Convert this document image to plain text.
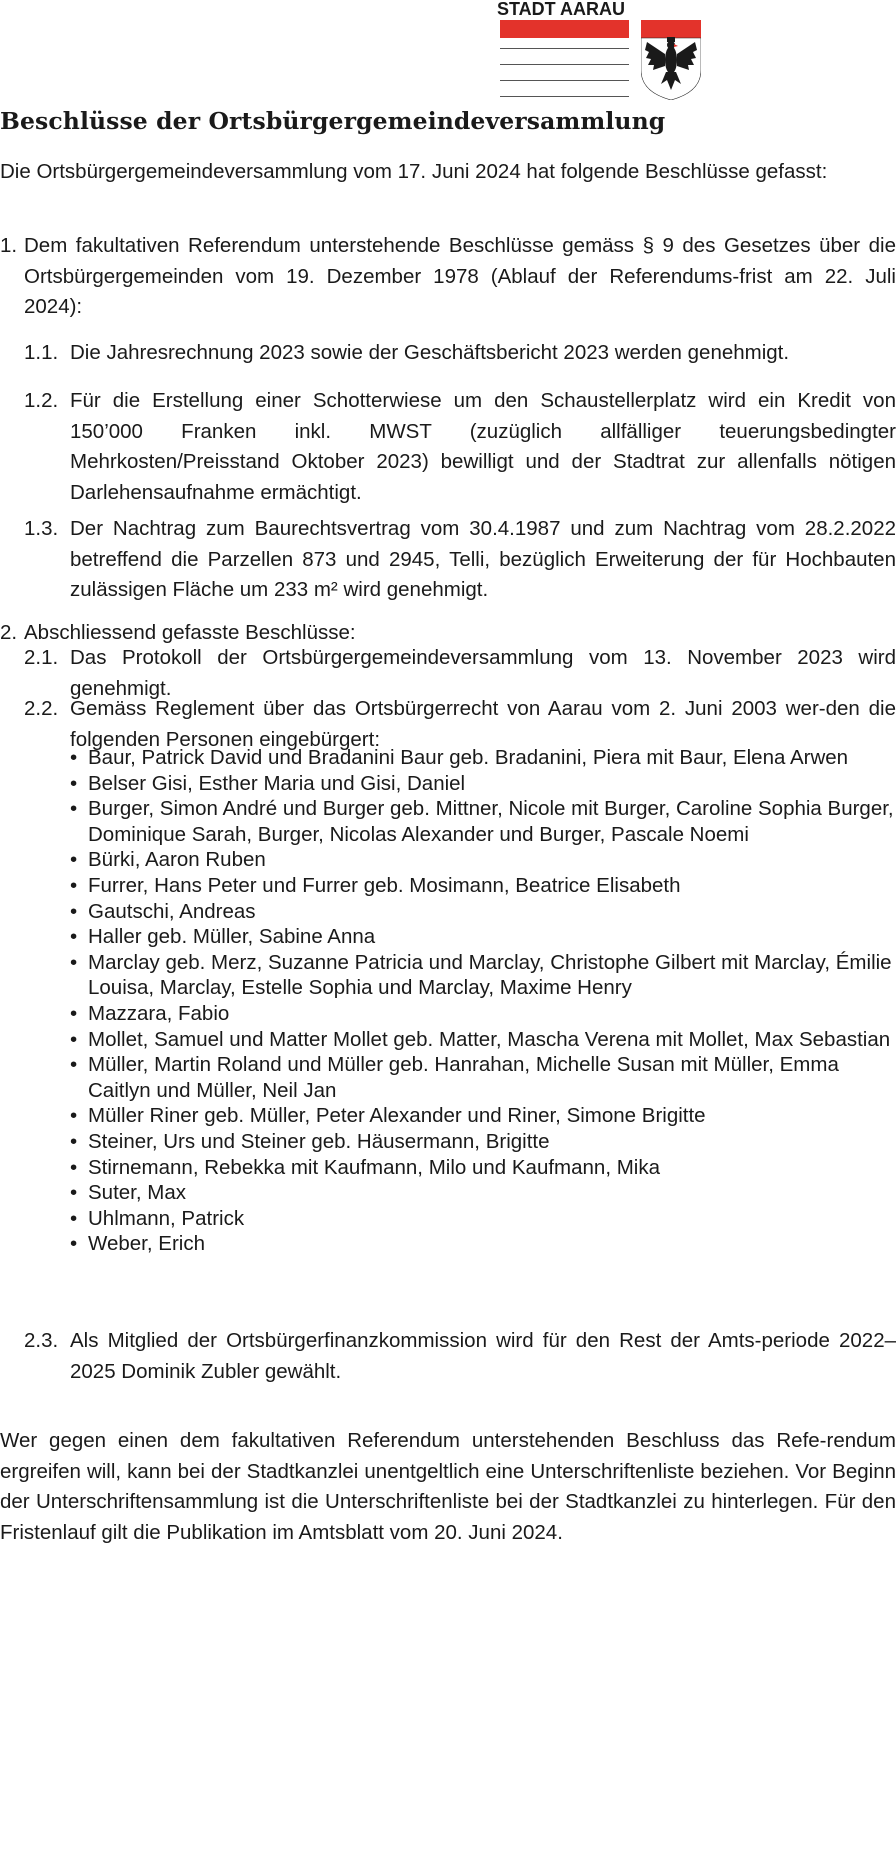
STADT AARAU
Beschlüsse der Ortsbürgergemeindeversammlung

Die Ortsbürgergemeindeversammlung vom 17. Juni 2024 hat folgende Beschlüsse gefasst:

1. Dem fakultativen Referendum unterstehende Beschlüsse gemäss § 9 des Gesetzes über die Ortsbürgergemeinden vom 19. Dezember 1978 (Ablauf der Referendums-frist am 22. Juli 2024):

1.1. Die Jahresrechnung 2023 sowie der Geschäftsbericht 2023 werden genehmigt.

1.2. Für die Erstellung einer Schotterwiese um den Schaustellerplatz wird ein Kredit von 150’000 Franken inkl. MWST (zuzüglich allfälliger teuerungsbedingter Mehrkosten/Preisstand Oktober 2023) bewilligt und der Stadtrat zur allenfalls nötigen Darlehensaufnahme ermächtigt.

1.3. Der Nachtrag zum Baurechtsvertrag vom 30.4.1987 und zum Nachtrag vom 28.2.2022 betreffend die Parzellen 873 und 2945, Telli, bezüglich Erweiterung der für Hochbauten zulässigen Fläche um 233 m² wird genehmigt.

2. Abschliessend gefasste Beschlüsse:

2.1. Das Protokoll der Ortsbürgergemeindeversammlung vom 13. November 2023 wird genehmigt.

2.2. Gemäss Reglement über das Ortsbürgerrecht von Aarau vom 2. Juni 2003 wer-den die folgenden Personen eingebürgert:

• Baur, Patrick David und Bradanini Baur geb. Bradanini, Piera mit Baur, Elena Arwen
• Belser Gisi, Esther Maria und Gisi, Daniel
• Burger, Simon André und Burger geb. Mittner, Nicole mit Burger, Caroline Sophia Burger, Dominique Sarah, Burger, Nicolas Alexander und Burger, Pascale Noemi
• Bürki, Aaron Ruben
• Furrer, Hans Peter und Furrer geb. Mosimann, Beatrice Elisabeth
• Gautschi, Andreas
• Haller geb. Müller, Sabine Anna
• Marclay geb. Merz, Suzanne Patricia und Marclay, Christophe Gilbert mit Marclay, Émilie Louisa, Marclay, Estelle Sophia und Marclay, Maxime Henry
• Mazzara, Fabio
• Mollet, Samuel und Matter Mollet geb. Matter, Mascha Verena mit Mollet, Max Sebastian
• Müller, Martin Roland und Müller geb. Hanrahan, Michelle Susan mit Müller, Emma Caitlyn und Müller, Neil Jan
• Müller Riner geb. Müller, Peter Alexander und Riner, Simone Brigitte
• Steiner, Urs und Steiner geb. Häusermann, Brigitte
• Stirnemann, Rebekka mit Kaufmann, Milo und Kaufmann, Mika
• Suter, Max
• Uhlmann, Patrick
• Weber, Erich
2.3. Als Mitglied der Ortsbürgerfinanzkommission wird für den Rest der Amts-periode 2022–2025 Dominik Zubler gewählt.

Wer gegen einen dem fakultativen Referendum unterstehenden Beschluss das Refe-rendum ergreifen will, kann bei der Stadtkanzlei unentgeltlich eine Unterschriftenliste beziehen. Vor Beginn der Unterschriftensammlung ist die Unterschriftenliste bei der Stadtkanzlei zu hinterlegen. Für den Fristenlauf gilt die Publikation im Amtsblatt vom 20. Juni 2024.
